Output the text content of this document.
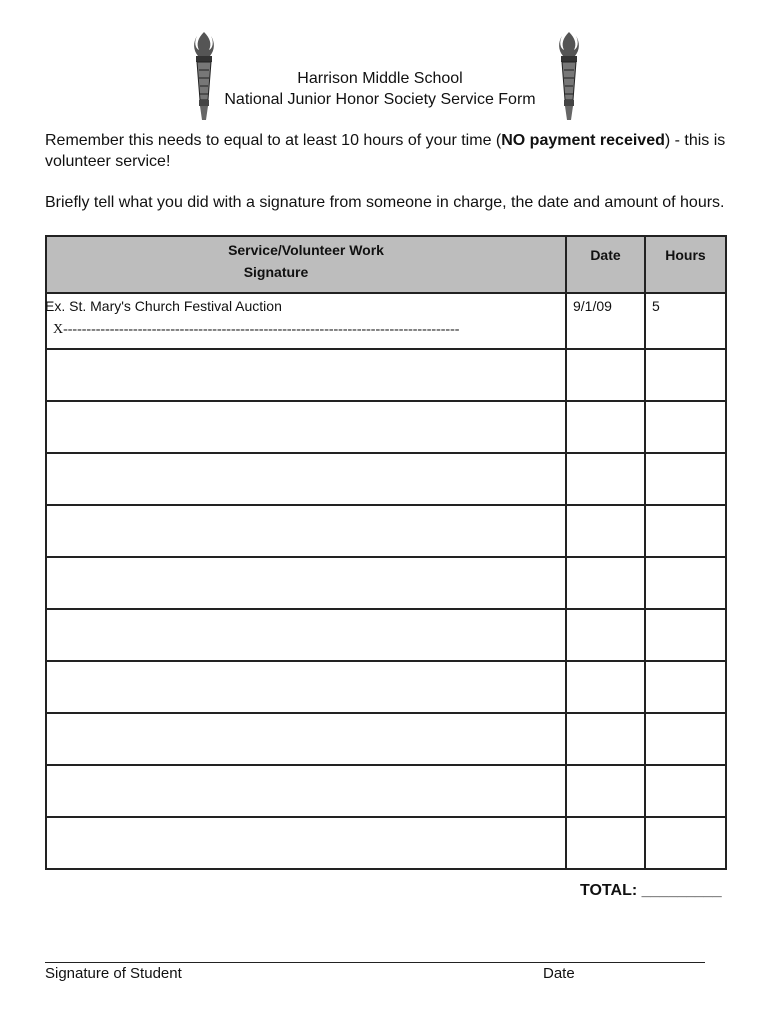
Harrison Middle School
National Junior Honor Society Service Form
Remember this needs to equal to at least 10 hours of your time (NO payment received) - this is volunteer service!
Briefly tell what you did with a signature from someone in charge, the date and amount of hours.
Service/Volunteer Work
Signature	Date	Hours

Ex. St. Mary's Church Festival Auction
X-------------------------------------------------------------------------------------	9/1/09	5

TOTAL: _________
Signature of Student	Date
